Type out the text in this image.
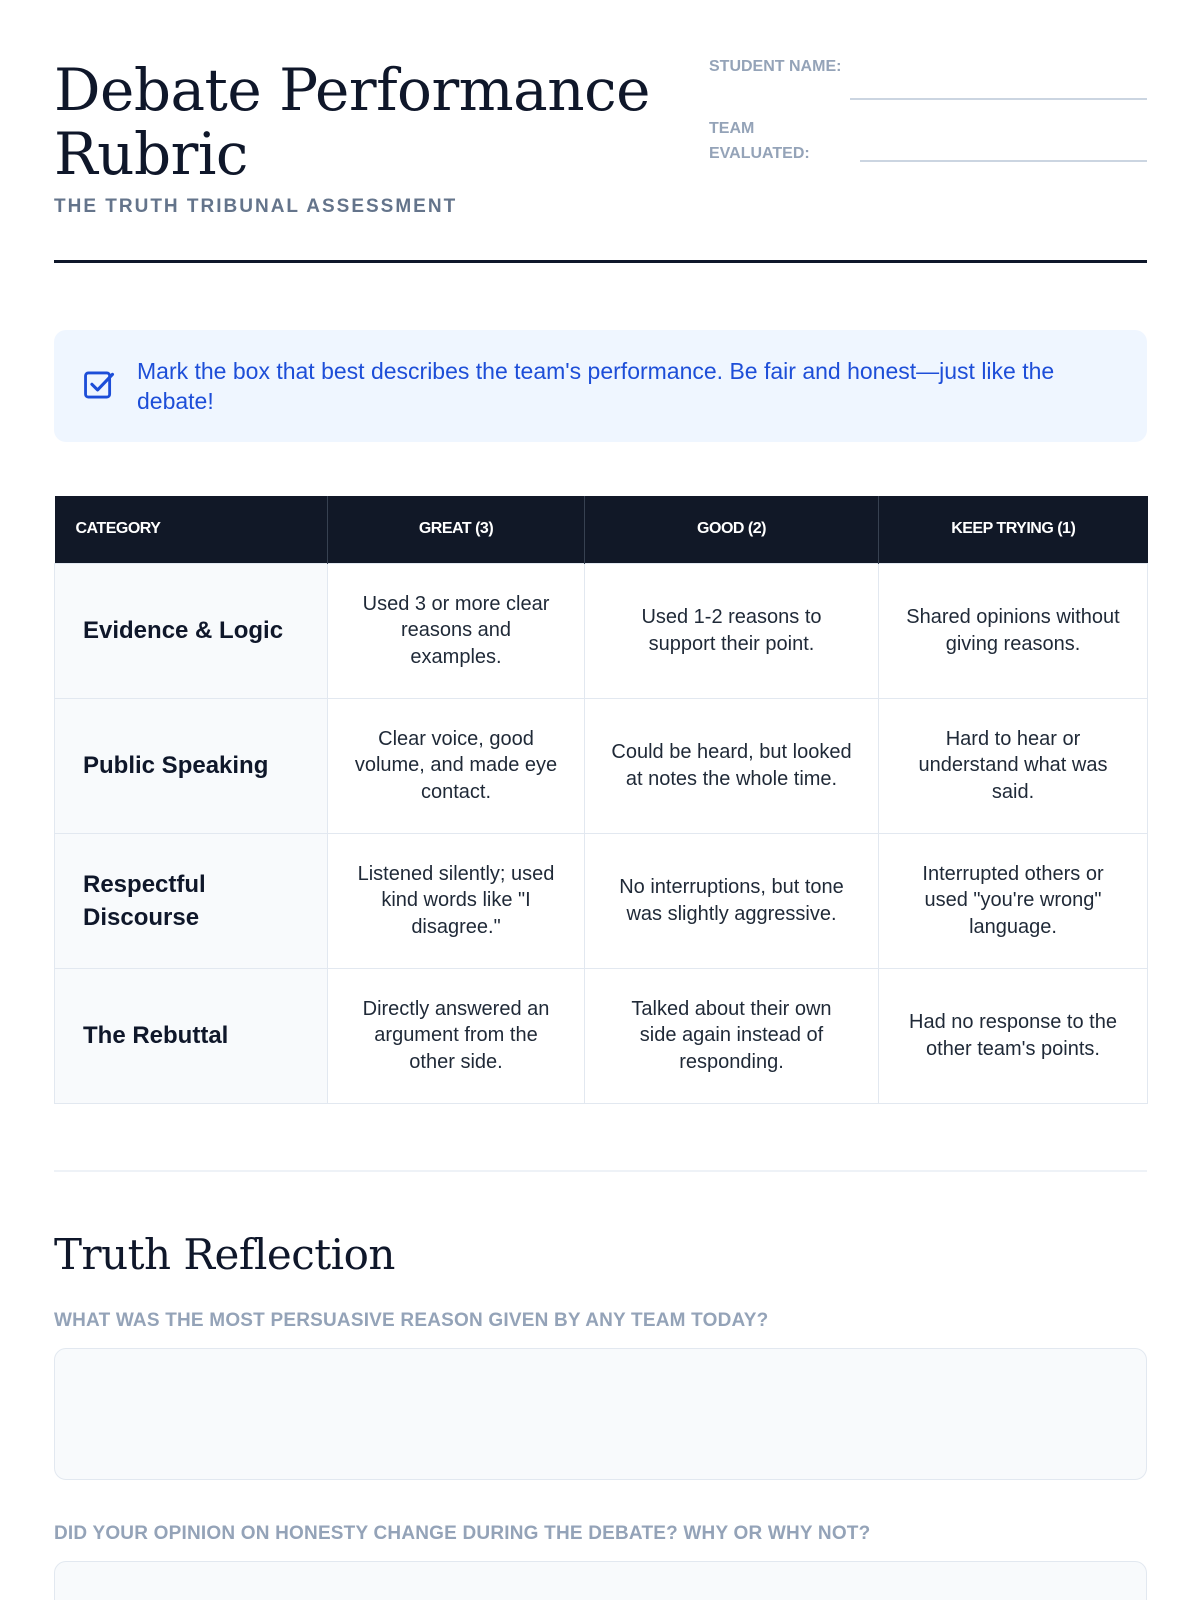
Debate Performance Rubric
THE TRUTH TRIBUNAL ASSESSMENT
STUDENT NAME:
TEAM EVALUATED:
Mark the box that best describes the team's performance. Be fair and honest—just like the debate!
CATEGORY	GREAT (3)	GOOD (2)	KEEP TRYING (1)
Evidence & Logic	Used 3 or more clear reasons and examples.	Used 1-2 reasons to support their point.	Shared opinions without giving reasons.
Public Speaking	Clear voice, good volume, and made eye contact.	Could be heard, but looked at notes the whole time.	Hard to hear or understand what was said.
Respectful Discourse	Listened silently; used kind words like "I disagree."	No interruptions, but tone was slightly aggressive.	Interrupted others or used "you're wrong" language.
The Rebuttal	Directly answered an argument from the other side.	Talked about their own side again instead of responding.	Had no response to the other team's points.
Truth Reflection
WHAT WAS THE MOST PERSUASIVE REASON GIVEN BY ANY TEAM TODAY?
DID YOUR OPINION ON HONESTY CHANGE DURING THE DEBATE? WHY OR WHY NOT?
